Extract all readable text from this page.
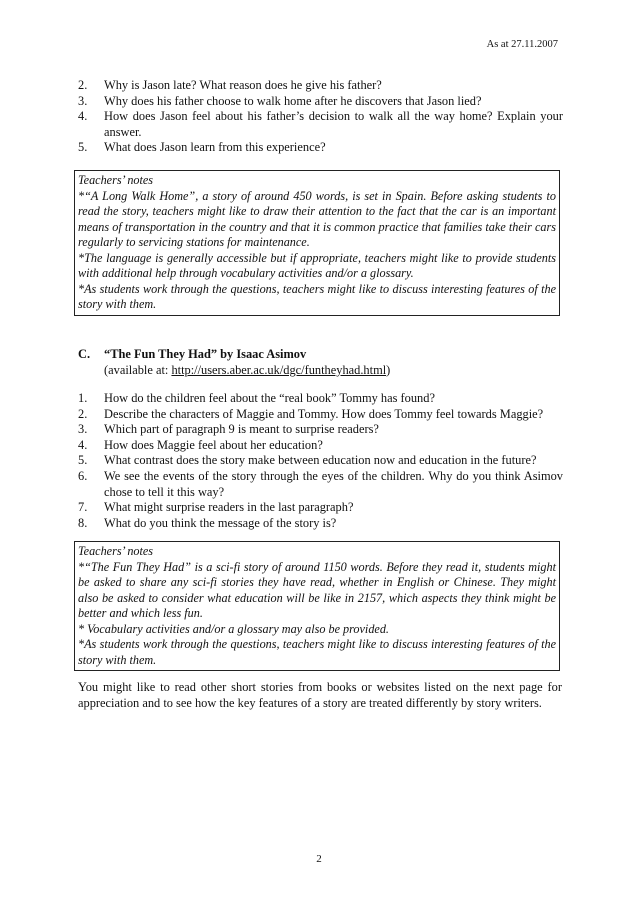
As at 27.11.2007
2.	Why is Jason late? What reason does he give his father?
3.	Why does his father choose to walk home after he discovers that Jason lied?
4.	How does Jason feel about his father’s decision to walk all the way home? Explain your answer.
5.	What does Jason learn from this experience?

Teachers’ notes

*“A Long Walk Home”, a story of around 450 words, is set in Spain. Before asking students to read the story, teachers might like to draw their attention to the fact that the car is an important means of transportation in the country and that it is common practice that families take their cars regularly to servicing stations for maintenance.

*The language is generally accessible but if appropriate, teachers might like to provide students with additional help through vocabulary activities and/or a glossary.

*As students work through the questions, teachers might like to discuss interesting features of the story with them.

C. “The Fun They Had” by Isaac Asimov
(available at: http://users.aber.ac.uk/dgc/funtheyhad.html)
1.	How do the children feel about the “real book” Tommy has found?
2.	Describe the characters of Maggie and Tommy. How does Tommy feel towards Maggie?
3.	Which part of paragraph 9 is meant to surprise readers?
4.	How does Maggie feel about her education?
5.	What contrast does the story make between education now and education in the future?
6.	We see the events of the story through the eyes of the children. Why do you think Asimov chose to tell it this way?
7.	What might surprise readers in the last paragraph?
8.	What do you think the message of the story is?

Teachers’ notes

*“The Fun They Had” is a sci-fi story of around 1150 words. Before they read it, students might be asked to share any sci-fi stories they have read, whether in English or Chinese. They might also be asked to consider what education will be like in 2157, which aspects they think might be better and which less fun.

* Vocabulary activities and/or a glossary may also be provided.

*As students work through the questions, teachers might like to discuss interesting features of the story with them.

You might like to read other short stories from books or websites listed on the next page for appreciation and to see how the key features of a story are treated differently by story writers.
2
